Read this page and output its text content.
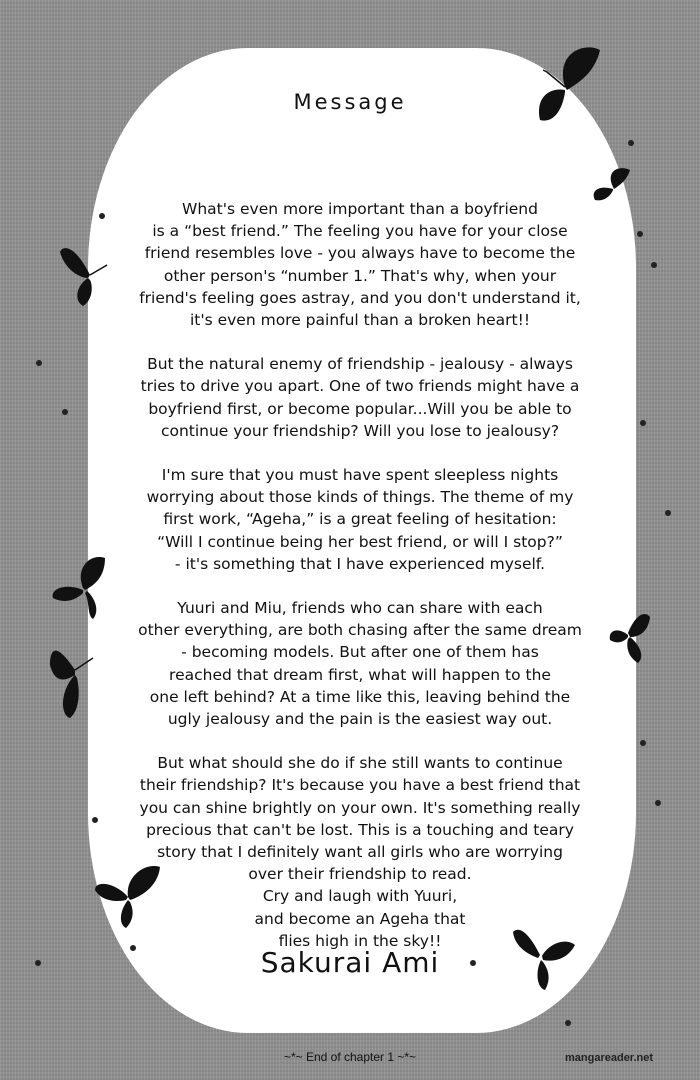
Message

What's even more important than a boyfriend
is a “best friend.” The feeling you have for your close
friend resembles love - you always have to become the
other person's “number 1.” That's why, when your
friend's feeling goes astray, and you don't understand it,
it's even more painful than a broken heart!!

But the natural enemy of friendship - jealousy - always
tries to drive you apart. One of two friends might have a
boyfriend first, or become popular...Will you be able to
continue your friendship? Will you lose to jealousy?

I'm sure that you must have spent sleepless nights
worrying about those kinds of things. The theme of my
first work, “Ageha,” is a great feeling of hesitation:
“Will I continue being her best friend, or will I stop?”
- it's something that I have experienced myself.

Yuuri and Miu, friends who can share with each
other everything, are both chasing after the same dream
- becoming models. But after one of them has
reached that dream first, what will happen to the
one left behind? At a time like this, leaving behind the
ugly jealousy and the pain is the easiest way out.

But what should she do if she still wants to continue
their friendship? It's because you have a best friend that
you can shine brightly on your own. It's something really
precious that can't be lost. This is a touching and teary
story that I definitely want all girls who are worrying
over their friendship to read.
Cry and laugh with Yuuri,
and become an Ageha that
flies high in the sky!!

Sakurai Ami
~*~ End of chapter 1 ~*~	mangareader.net
